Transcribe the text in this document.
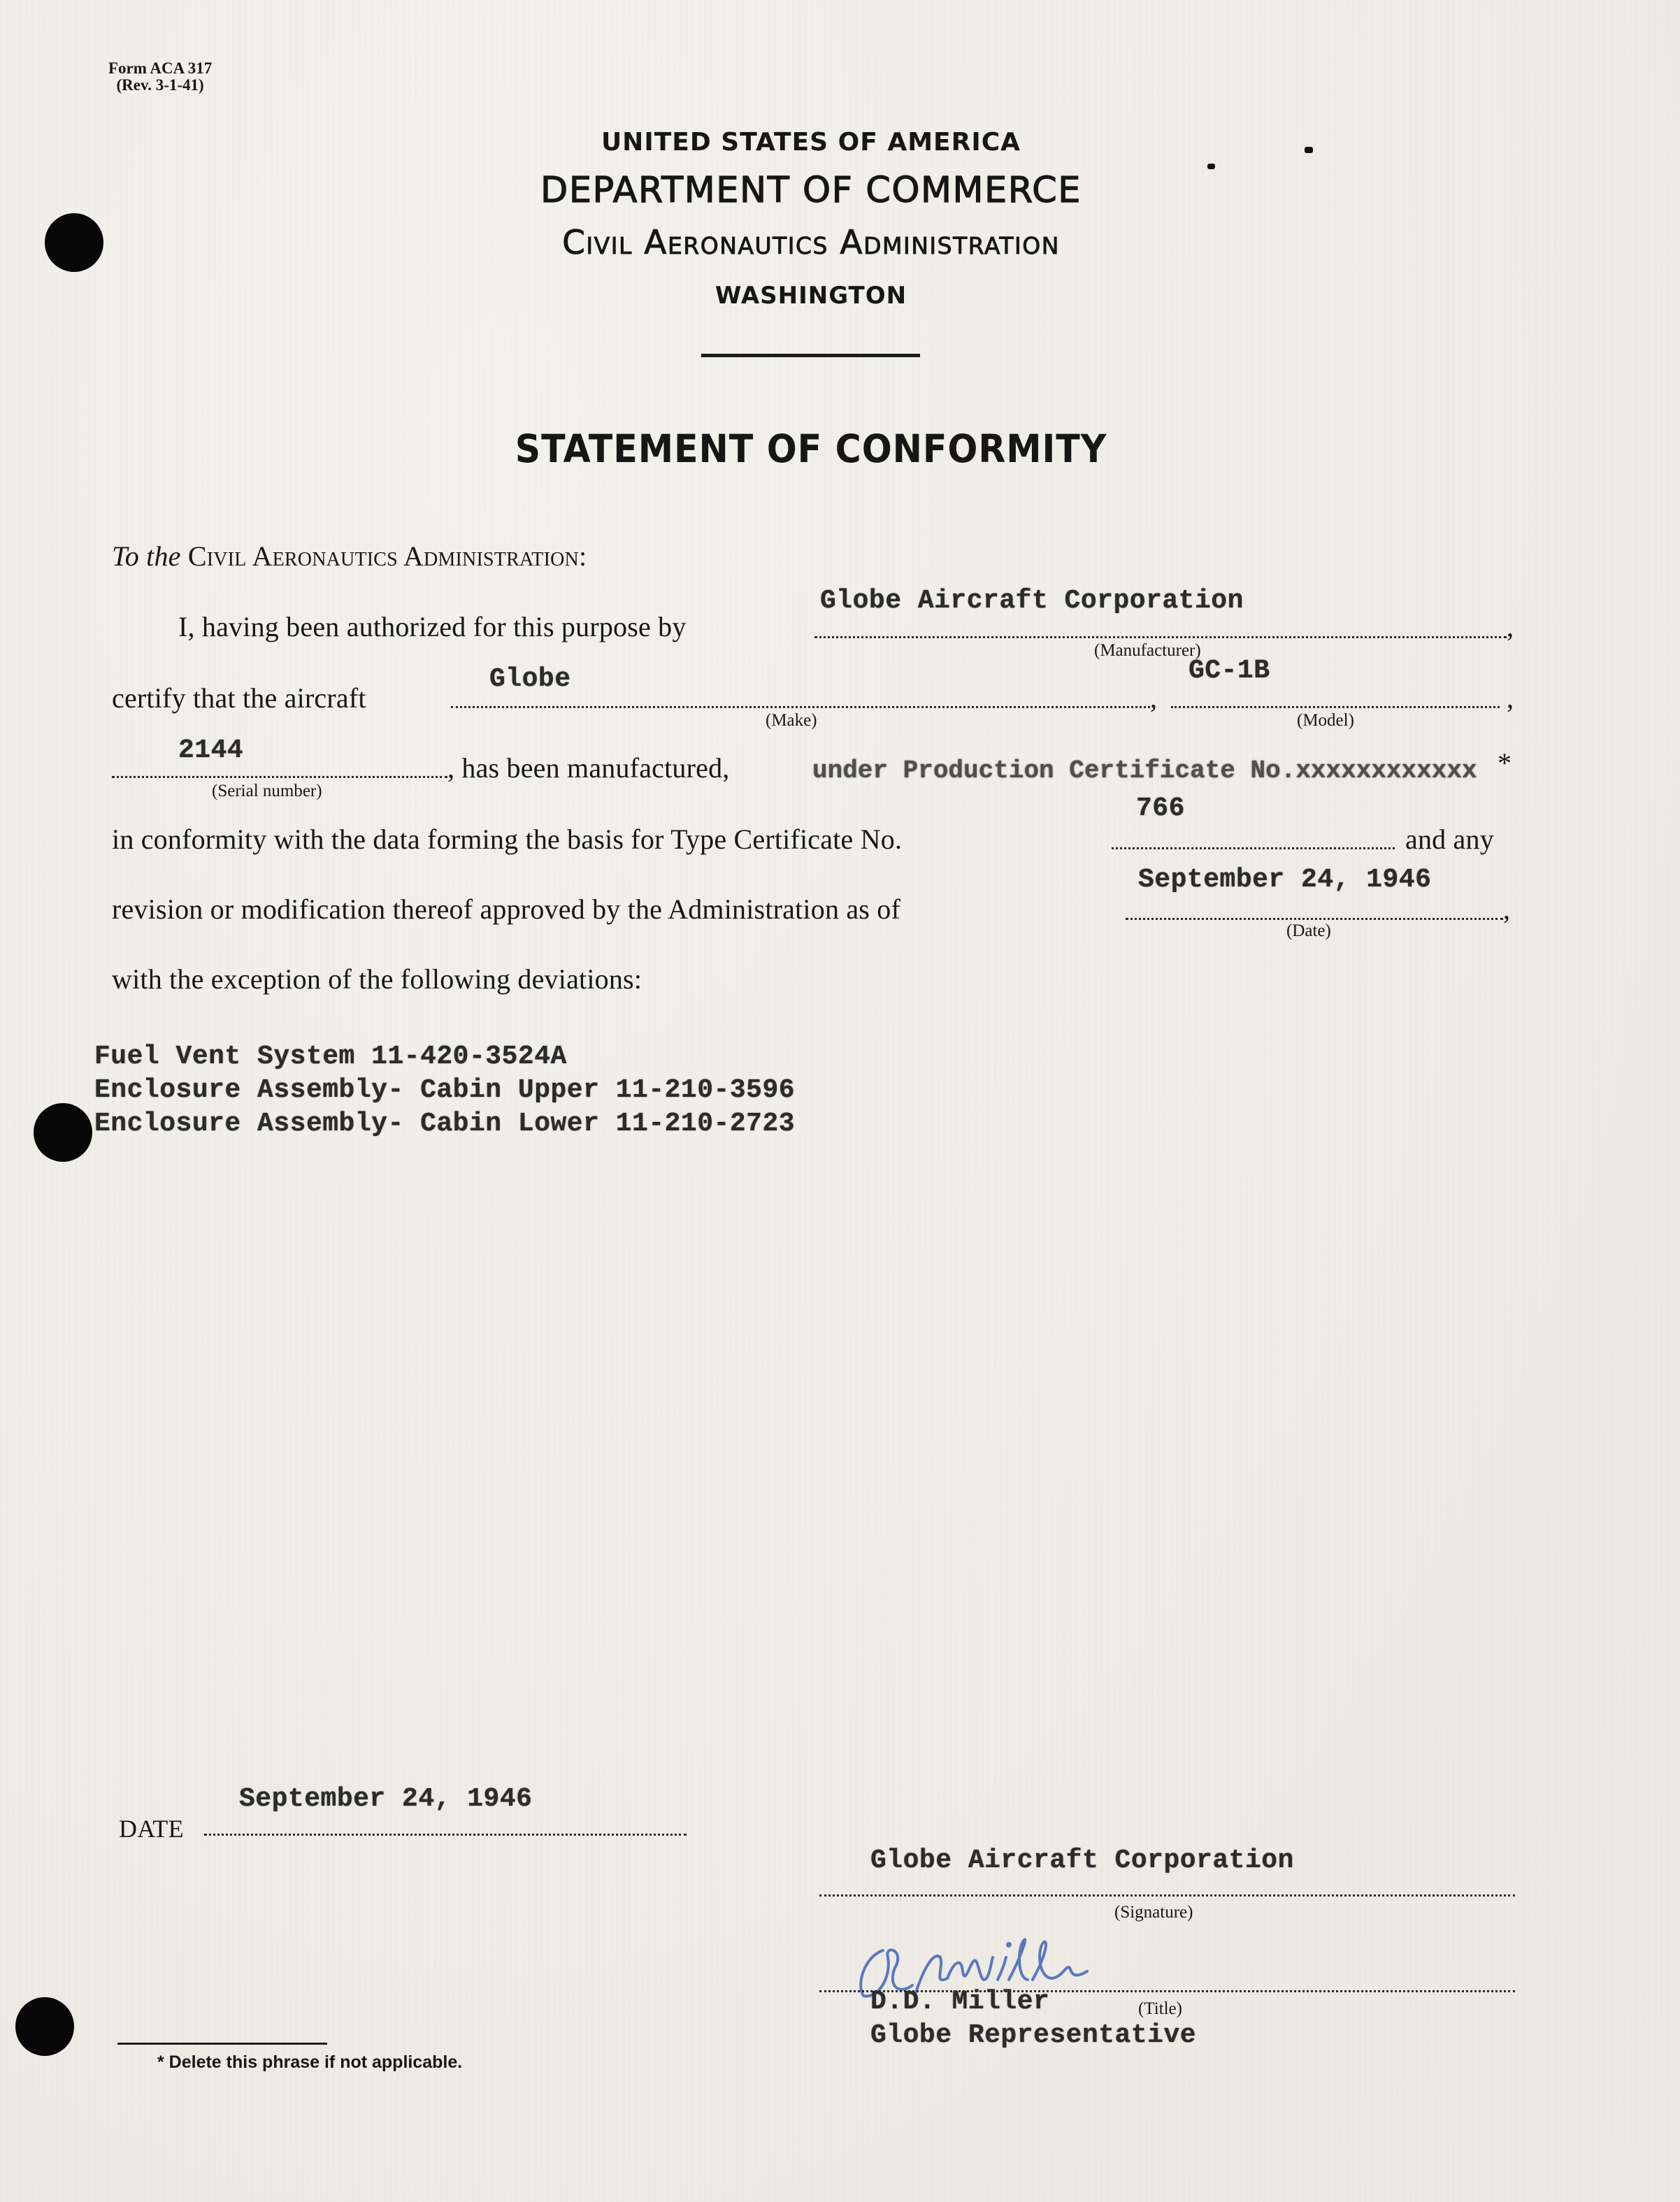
Form ACA 317
(Rev. 3-1-41)
UNITED STATES OF AMERICA
DEPARTMENT OF COMMERCE
Civil Aeronautics Administration
WASHINGTON
STATEMENT OF CONFORMITY
To the Civil Aeronautics Administration:
I, having been authorized for this purpose by	,
Globe Aircraft Corporation
(Manufacturer)
certify that the aircraft	,	,
Globe
(Make)
GC-1B
(Model)
2144
, has been manufactured,	under Production Certificate No.xxxxxxxxxxxx *
(Serial number)
in conformity with the data forming the basis for Type Certificate No.
766
and any
revision or modification thereof approved by the Administration as of
September 24, 1946
,
(Date)
with the exception of the following deviations:
Fuel Vent System 11-420-3524A
Enclosure Assembly- Cabin Upper 11-210-3596
Enclosure Assembly- Cabin Lower 11-210-2723
September 24, 1946
DATE
Globe Aircraft Corporation
(Signature)
D.D. Miller	(Title)
Globe Representative
* Delete this phrase if not applicable.
